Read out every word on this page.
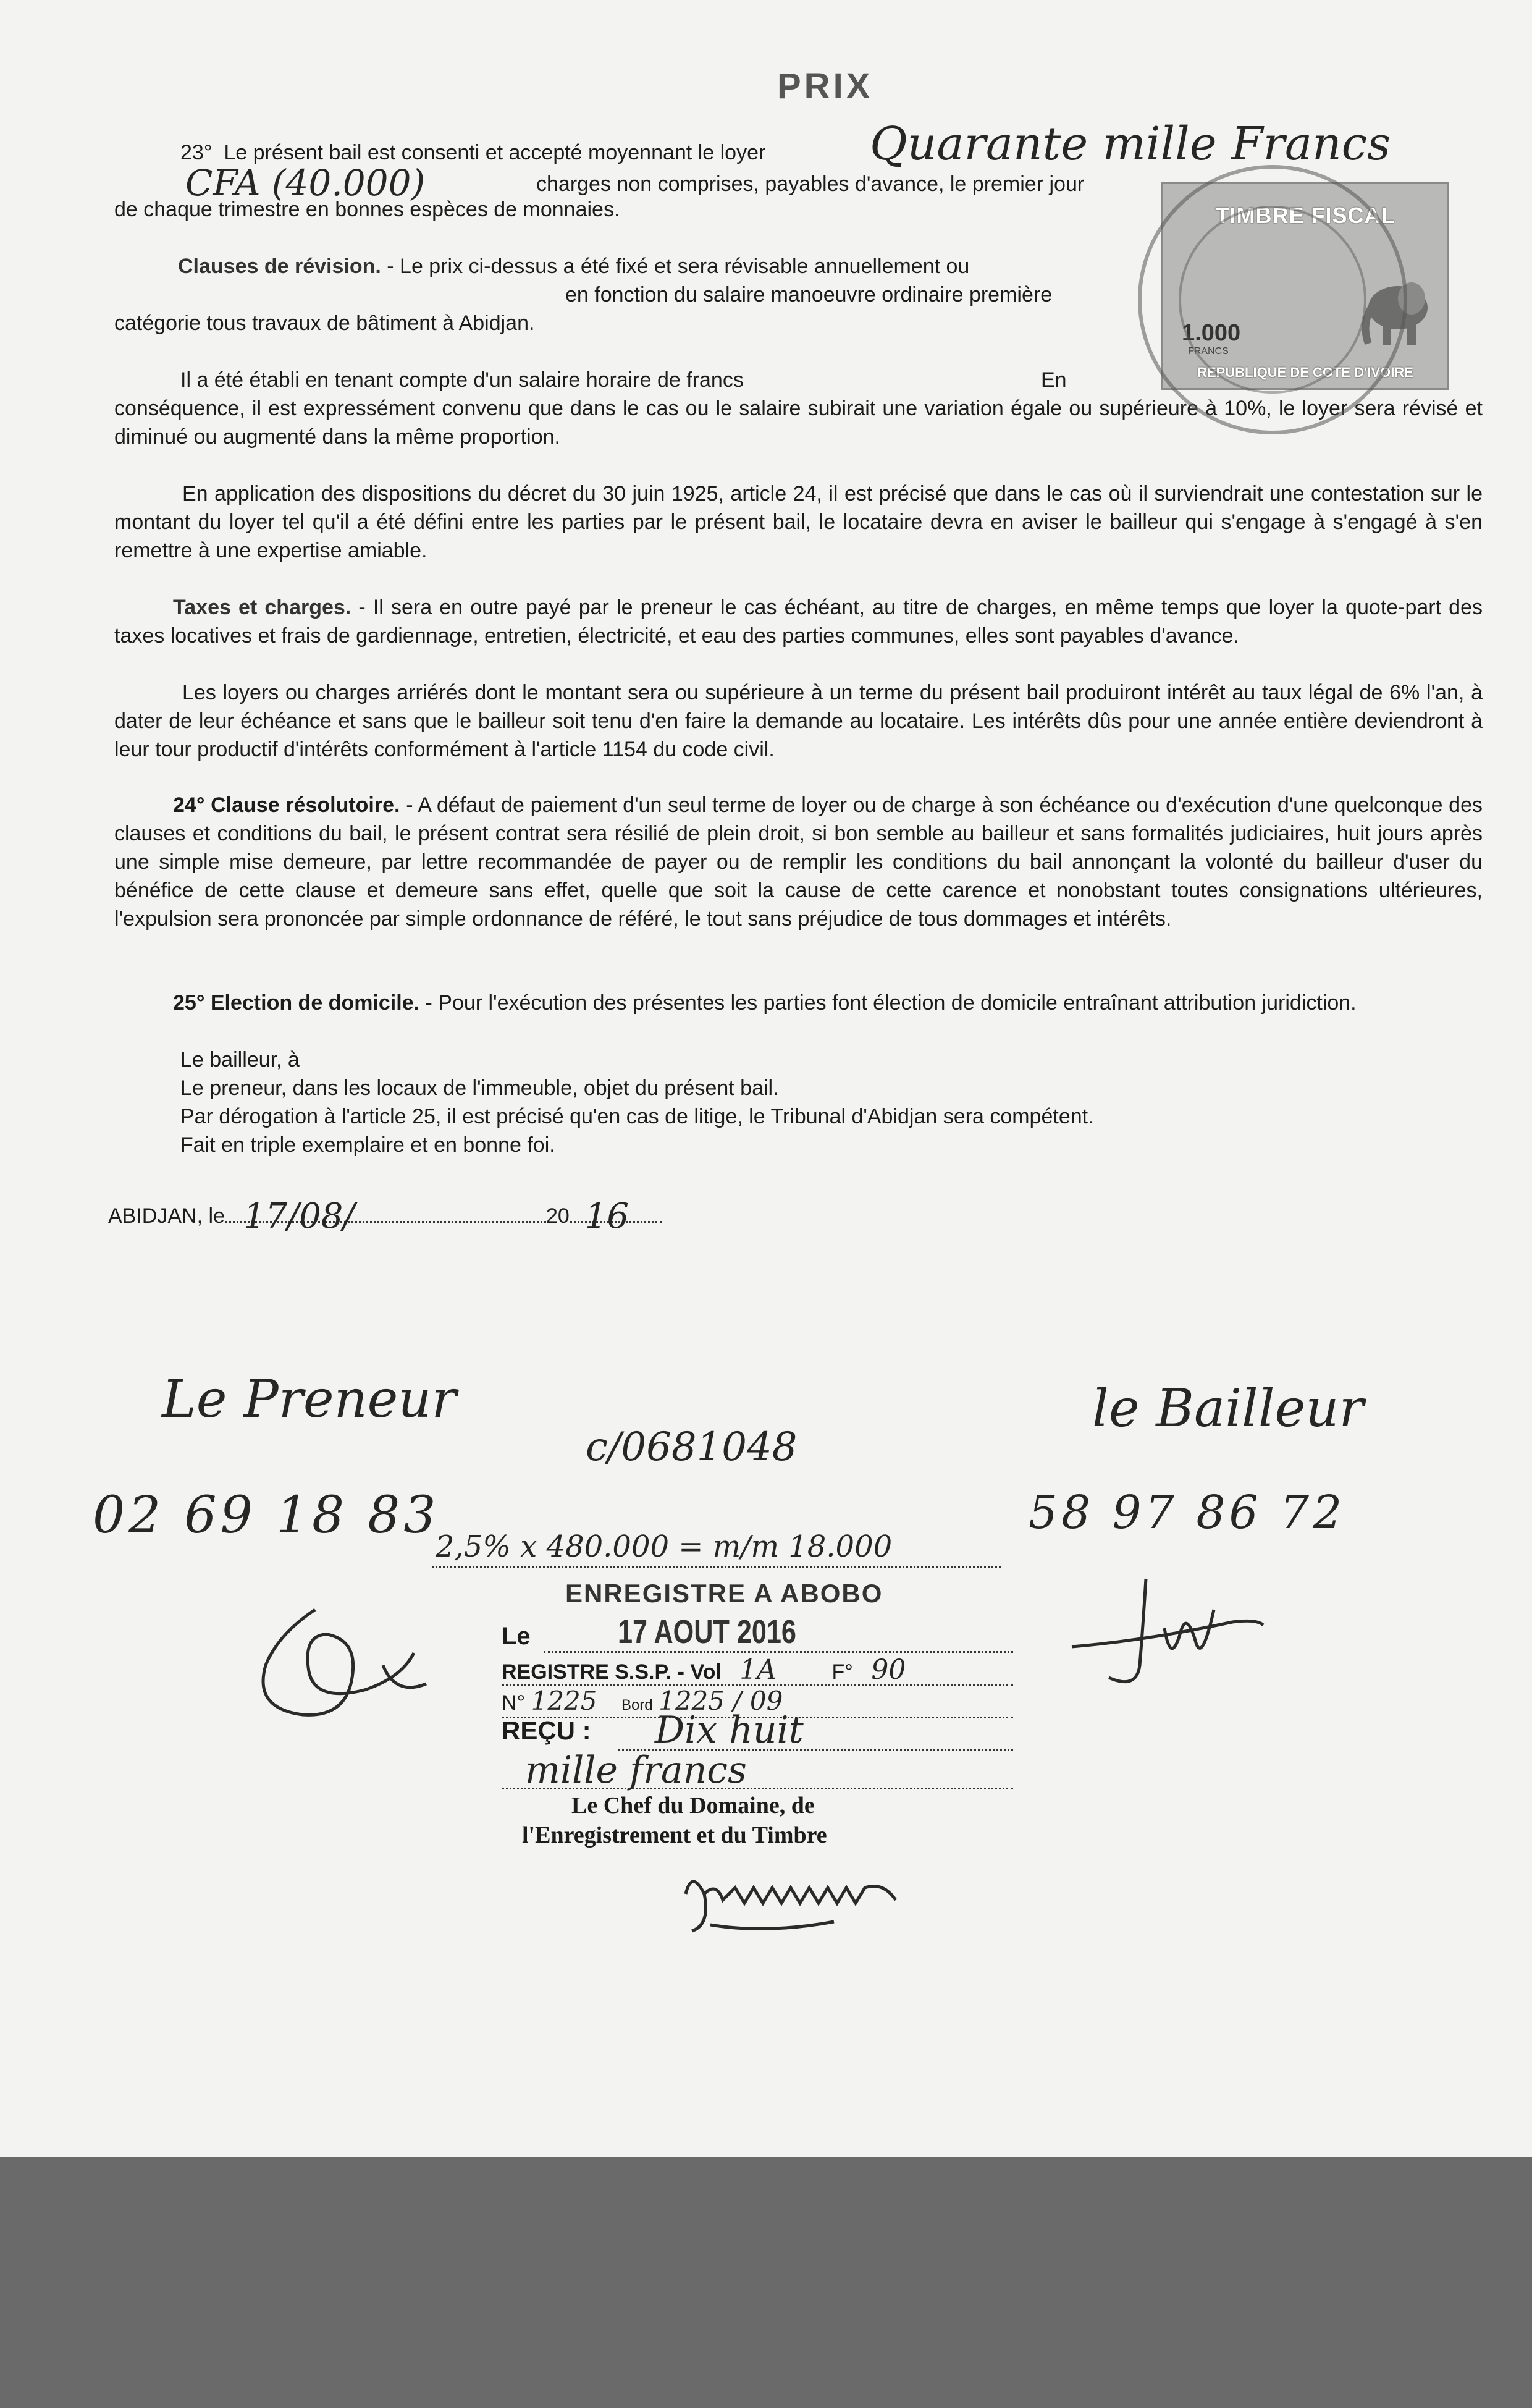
PRIX
23° Le présent bail est consenti et accepté moyennant le loyer	Quarante mille Francs
CFA (40.000)	charges non comprises, payables d'avance, le premier jour
de chaque trimestre en bonnes espèces de monnaies.
Clauses de révision. - Le prix ci-dessus a été fixé et sera révisable annuellement ou
en fonction du salaire manoeuvre ordinaire première
catégorie tous travaux de bâtiment à Abidjan.
Il a été établi en tenant compte d'un salaire horaire de francs	En
conséquence, il est expressément convenu que dans le cas ou le salaire subirait une variation égale ou supérieure à 10%, le loyer sera révisé et diminué ou augmenté dans la même proportion.
En application des dispositions du décret du 30 juin 1925, article 24, il est précisé que dans le cas où il surviendrait une contestation sur le montant du loyer tel qu'il a été défini entre les parties par le présent bail, le locataire devra en aviser le bailleur qui s'engage à s'engagé à s'en remettre à une expertise amiable.
Taxes et charges. - Il sera en outre payé par le preneur le cas échéant, au titre de charges, en même temps que loyer la quote-part des taxes locatives et frais de gardiennage, entretien, électricité, et eau des parties communes, elles sont payables d'avance.
Les loyers ou charges arriérés dont le montant sera ou supérieure à un terme du présent bail produiront intérêt au taux légal de 6% l'an, à dater de leur échéance et sans que le bailleur soit tenu d'en faire la demande au locataire. Les intérêts dûs pour une année entière deviendront à leur tour productif d'intérêts conformément à l'article 1154 du code civil.
24° Clause résolutoire. - A défaut de paiement d'un seul terme de loyer ou de charge à son échéance ou d'exécution d'une quelconque des clauses et conditions du bail, le présent contrat sera résilié de plein droit, si bon semble au bailleur et sans formalités judiciaires, huit jours après une simple mise demeure, par lettre recommandée de payer ou de remplir les conditions du bail annonçant la volonté du bailleur d'user du bénéfice de cette clause et demeure sans effet, quelle que soit la cause de cette carence et nonobstant toutes consignations ultérieures, l'expulsion sera prononcée par simple ordonnance de référé, le tout sans préjudice de tous dommages et intérêts.
25° Election de domicile. - Pour l'exécution des présentes les parties font élection de domicile entraînant attribution juridiction.
Le bailleur, à
Le preneur, dans les locaux de l'immeuble, objet du présent bail.
Par dérogation à l'article 25, il est précisé qu'en cas de litige, le Tribunal d'Abidjan sera compétent.
Fait en triple exemplaire et en bonne foi.
ABIDJAN, le 17/08/	20 16
TIMBRE FISCAL
1.000
FRANCS
REPUBLIQUE DE COTE D'IVOIRE
Le Preneur	le Bailleur
c/0681048
02 69 18 83	58 97 86 72
2,5% x 480.000 = m/m 18.000
ENREGISTRE A ABOBO
Le	17 AOUT 2016
REGISTRE S.S.P. - Vol 1A	F° 90
N° 1225 Bord 1225 / 09
REÇU : Dix huit
mille francs
Le Chef du Domaine, de
l'Enregistrement et du Timbre
